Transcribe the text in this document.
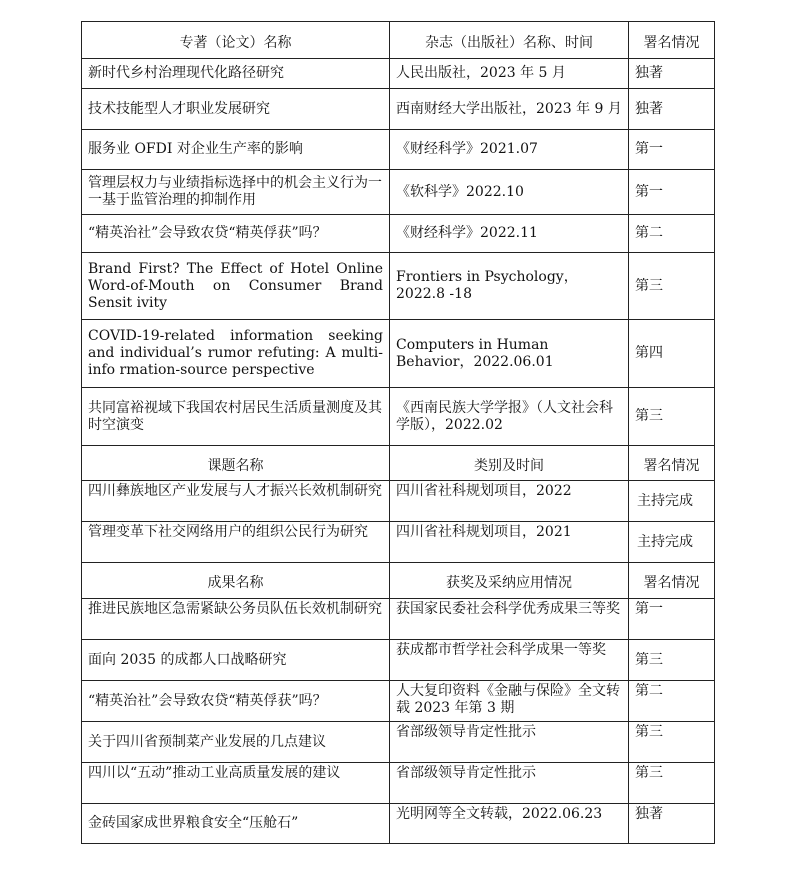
专著（论文）名称	杂志（出版社）名称、时间	署名情况
新时代乡村治理现代化路径研究	人民出版社，2023 年 5 月	独著
技术技能型人才职业发展研究	西南财经大学出版社，2023 年 9 月	独著
服务业 OFDI 对企业生产率的影响	《财经科学》2021.07	第一
管理层权力与业绩指标选择中的机会主义行为一一基于监管治理的抑制作用	《软科学》2022.10	第一
“精英治社”会导致农贷“精英俘获”吗？	《财经科学》2022.11	第二
Brand First? The Effect of Hotel Online Word-of-Mouth on Consumer Brand Sensit ivity	Frontiers in Psychology，2022.8 -18	第三
COVID-19-related information seeking and individual’s rumor refuting: A multi-info rmation-source perspective	Computers in Human Behavior，2022.06.01	第四
共同富裕视域下我国农村居民生活质量测度及其时空演变	《西南民族大学学报》（人文社会科学版），2022.02	第三
课题名称	类别及时间	署名情况
四川彝族地区产业发展与人才振兴长效机制研究	四川省社科规划项目，2022	主持完成
管理变革下社交网络用户的组织公民行为研究	四川省社科规划项目，2021	主持完成
成果名称	获奖及采纳应用情况	署名情况
推进民族地区急需紧缺公务员队伍长效机制研究	获国家民委社会科学优秀成果三等奖	第一
面向 2035 的成都人口战略研究	获成都市哲学社会科学成果一等奖	第三
“精英治社”会导致农贷“精英俘获”吗？	人大复印资料《金融与保险》全文转载 2023 年第 3 期	第二
关于四川省预制菜产业发展的几点建议	省部级领导肯定性批示	第三
四川以“五动”推动工业高质量发展的建议	省部级领导肯定性批示	第三
金砖国家成世界粮食安全“压舱石”	光明网等全文转载，2022.06.23	独著
